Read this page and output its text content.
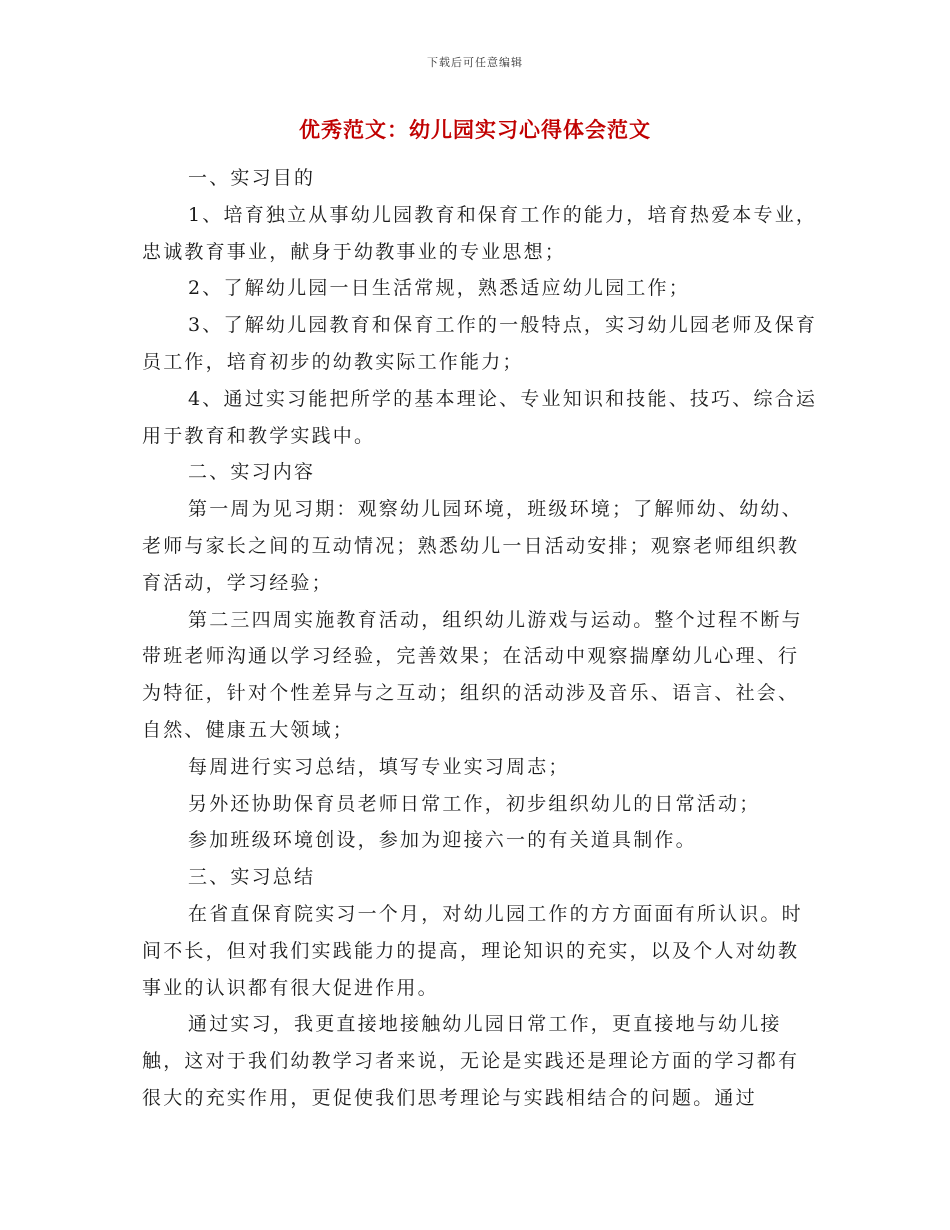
下载后可任意编辑
优秀范文：幼儿园实习心得体会范文

一、实习目的

1、培育独立从事幼儿园教育和保育工作的能力，培育热爱本专业，忠诚教育事业，献身于幼教事业的专业思想；

2、了解幼儿园一日生活常规，熟悉适应幼儿园工作；

3、了解幼儿园教育和保育工作的一般特点，实习幼儿园老师及保育员工作，培育初步的幼教实际工作能力；

4、通过实习能把所学的基本理论、专业知识和技能、技巧、综合运用于教育和教学实践中。

二、实习内容

第一周为见习期：观察幼儿园环境，班级环境；了解师幼、幼幼、老师与家长之间的互动情况；熟悉幼儿一日活动安排；观察老师组织教育活动，学习经验；

第二三四周实施教育活动，组织幼儿游戏与运动。整个过程不断与带班老师沟通以学习经验，完善效果；在活动中观察揣摩幼儿心理、行为特征，针对个性差异与之互动；组织的活动涉及音乐、语言、社会、自然、健康五大领域；

每周进行实习总结，填写专业实习周志；

另外还协助保育员老师日常工作，初步组织幼儿的日常活动；

参加班级环境创设，参加为迎接六一的有关道具制作。

三、实习总结

在省直保育院实习一个月，对幼儿园工作的方方面面有所认识。时间不长，但对我们实践能力的提高，理论知识的充实，以及个人对幼教事业的认识都有很大促进作用。

通过实习，我更直接地接触幼儿园日常工作，更直接地与幼儿接触，这对于我们幼教学习者来说，无论是实践还是理论方面的学习都有很大的充实作用，更促使我们思考理论与实践相结合的问题。通过
